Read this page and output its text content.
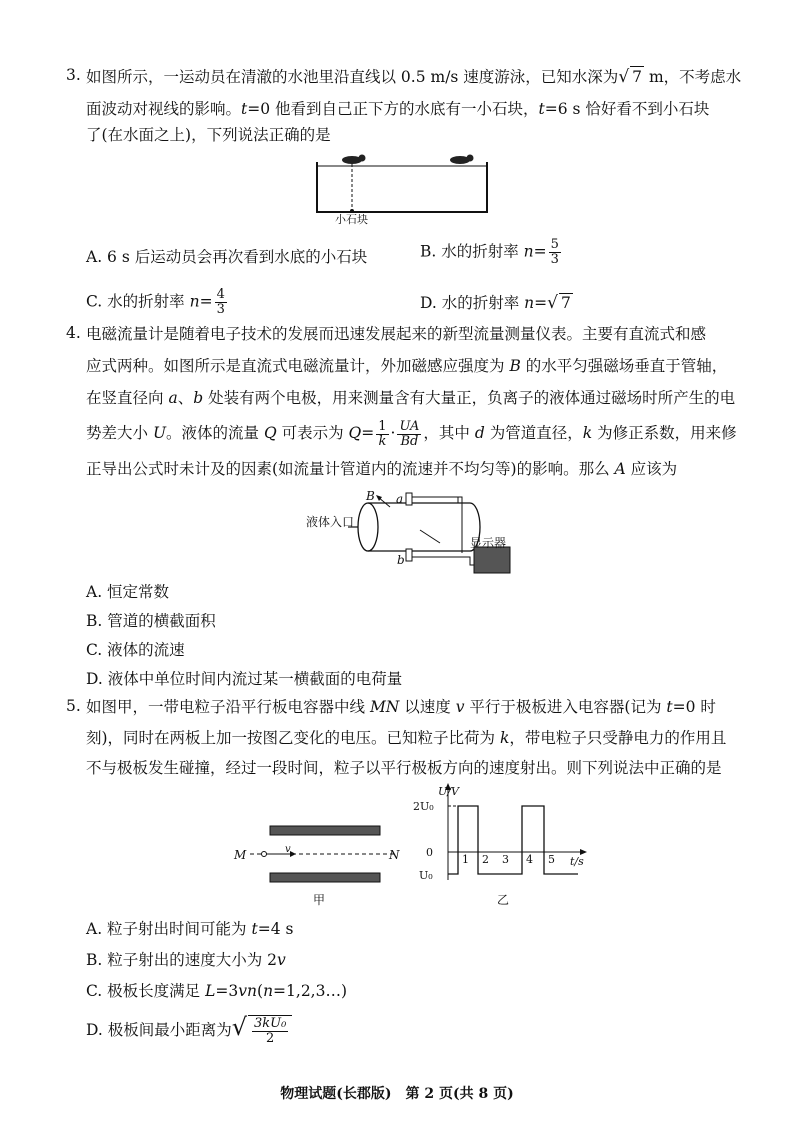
3. 如图所示，一运动员在清澈的水池里沿直线以 0.5 m/s 速度游泳，已知水深为√ 7 m，不考虑水
面波动对视线的影响。t=0 他看到自己正下方的水底有一小石块，t=6 s 恰好看不到小石块
了(在水面之上)，下列说法正确的是
小石块
A. 6 s 后运动员会再次看到水底的小石块	B. 水的折射率 $n= \frac{5}{3}$
C. 水的折射率 $n= \frac{4}{3}$	D. 水的折射率 n=√ 7
4. 电磁流量计是随着电子技术的发展而迅速发展起来的新型流量测量仪表。主要有直流式和感
应式两种。如图所示是直流式电磁流量计，外加磁感应强度为 B 的水平匀强磁场垂直于管轴，
在竖直径向 a、b 处装有两个电极，用来测量含有大量正，负离子的液体通过磁场时所产生的电
势差大小 U。液体的流量 Q 可表示为 $Q= \frac{1}{k} \cdot \frac{UA}{Bd}$ ，其中 d 为管道直径，k 为修正系数，用来修
正导出公式时未计及的因素(如流量计管道内的流速并不均匀等)的影响。那么 A 应该为
液体入口
显示器
B a
b
A. 恒定常数
B. 管道的横截面积
C. 液体的流速
D. 液体中单位时间内流过某一横截面的电荷量
5. 如图甲，一带电粒子沿平行板电容器中线 MN 以速度 v 平行于极板进入电容器(记为 t=0 时
刻)，同时在两板上加一按图乙变化的电压。已知粒子比荷为 k，带电粒子只受静电力的作用且
不与极板发生碰撞，经过一段时间，粒子以平行极板方向的速度射出。则下列说法中正确的是
M	N
v
甲
U/V
t/s
2U₀
0
U₀
1 2 3 4 5
乙
A. 粒子射出时间可能为 t=4 s
B. 粒子射出的速度大小为 2v
C. 极板长度满足 L=3vn(n=1,2,3…)
D. 极板间最小距离为√ $\frac{\text{3kU₀}}{2}$
物理试题(长郡版)　第 2 页(共 8 页)
